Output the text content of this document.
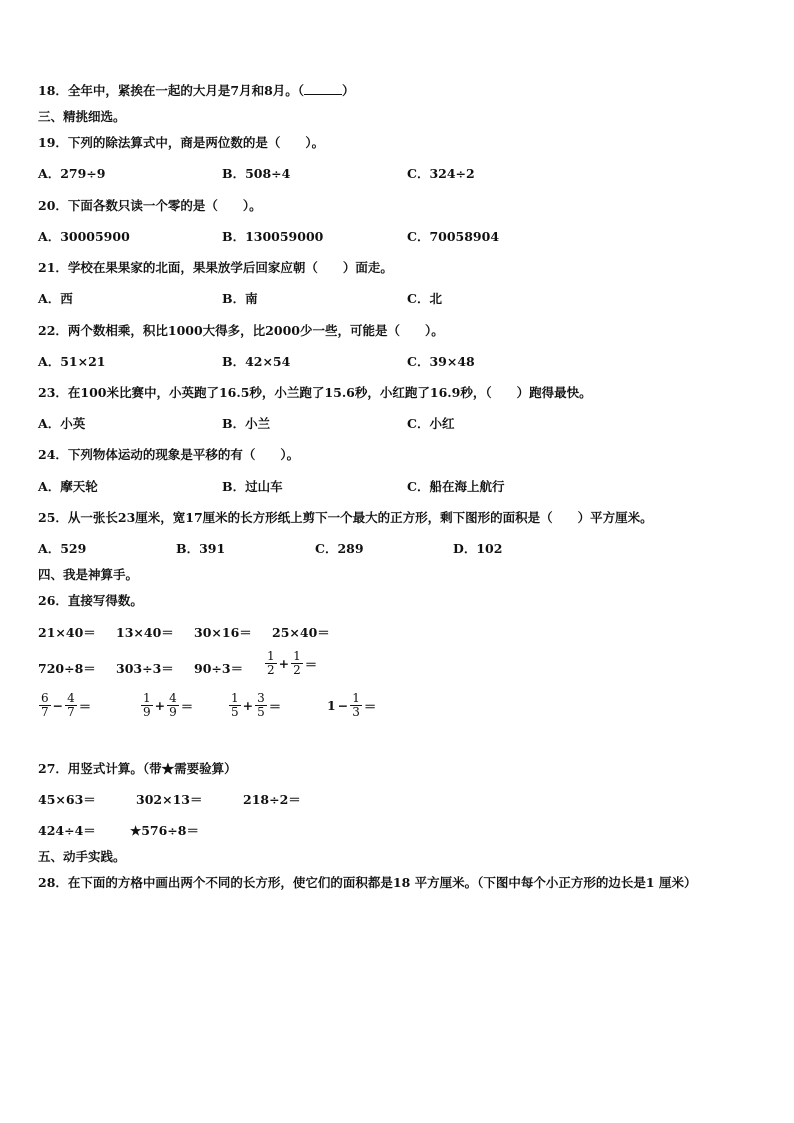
18．全年中，紧挨在一起的大月是7月和8月。（	）
三、精挑细选。
19．下列的除法算式中，商是两位数的是（　　）。
A．279÷9	B．508÷4	C．324÷2
20．下面各数只读一个零的是（　　）。
A．30005900	B．130059000	C．70058904
21．学校在果果家的北面，果果放学后回家应朝（　　）面走。
A．西	B．南	C．北
22．两个数相乘，积比1000大得多，比2000少一些，可能是（　　）。
A．51×21	B．42×54	C．39×48
23．在100米比赛中，小英跑了16.5秒，小兰跑了15.6秒，小红跑了16.9秒，（　　）跑得最快。
A．小英	B．小兰	C．小红
24．下列物体运动的现象是平移的有（　　）。
A．摩天轮	B．过山车	C．船在海上航行
25．从一张长23厘米，宽17厘米的长方形纸上剪下一个最大的正方形，剩下图形的面积是（　　）平方厘米。
A．529	B．391	C．289	D．102
四、我是神算手。
26．直接写得数。
21×40＝ 13×40＝ 30×16＝ 25×40＝
$720\div 8= 303\div 3= 90\div 3= \frac{1}{2} + \frac{1}{2}$ ＝
$\frac{6}{7} - \frac{4}{7}$ ＝	$\frac{1}{9} + \frac{4}{9}$ ＝	$\frac{1}{5} + \frac{3}{5}$ ＝	$1 - \frac{1}{3}$ ＝
27．用竖式计算。（带★需要验算）
45×63＝	302×13＝	218÷2＝
424÷4＝	★576÷8＝
五、动手实践。
28．在下面的方格中画出两个不同的长方形，使它们的面积都是18 平方厘米。（下图中每个小正方形的边长是1 厘米）
